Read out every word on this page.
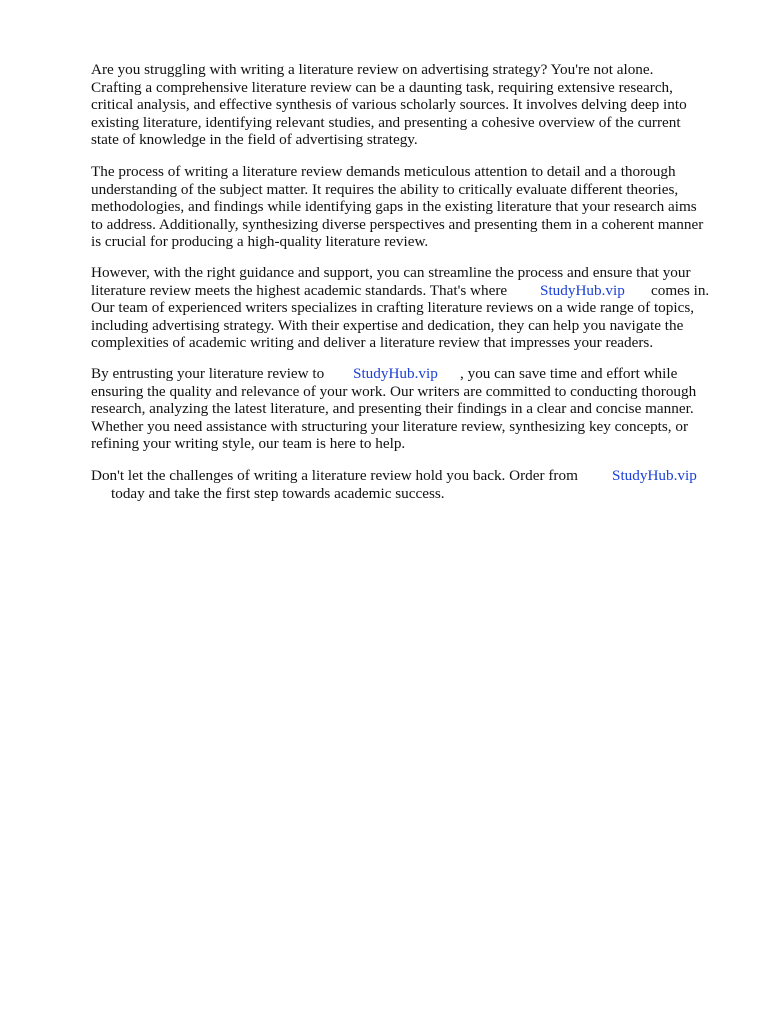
Are you struggling with writing a literature review on advertising strategy? You're not alone.

Crafting a comprehensive literature review can be a daunting task, requiring extensive research,

critical analysis, and effective synthesis of various scholarly sources. It involves delving deep into

existing literature, identifying relevant studies, and presenting a cohesive overview of the current

state of knowledge in the field of advertising strategy.

The process of writing a literature review demands meticulous attention to detail and a thorough

understanding of the subject matter. It requires the ability to critically evaluate different theories,

methodologies, and findings while identifying gaps in the existing literature that your research aims

to address. Additionally, synthesizing diverse perspectives and presenting them in a coherent manner

is crucial for producing a high-quality literature review.

However, with the right guidance and support, you can streamline the process and ensure that your

literature review meets the highest academic standards. That's where StudyHub.vip comes in.

Our team of experienced writers specializes in crafting literature reviews on a wide range of topics,

including advertising strategy. With their expertise and dedication, they can help you navigate the

complexities of academic writing and deliver a literature review that impresses your readers.

By entrusting your literature review to StudyHub.vip , you can save time and effort while

ensuring the quality and relevance of your work. Our writers are committed to conducting thorough

research, analyzing the latest literature, and presenting their findings in a clear and concise manner.

Whether you need assistance with structuring your literature review, synthesizing key concepts, or

refining your writing style, our team is here to help.

Don't let the challenges of writing a literature review hold you back. Order from StudyHub.vip

today and take the first step towards academic success.
